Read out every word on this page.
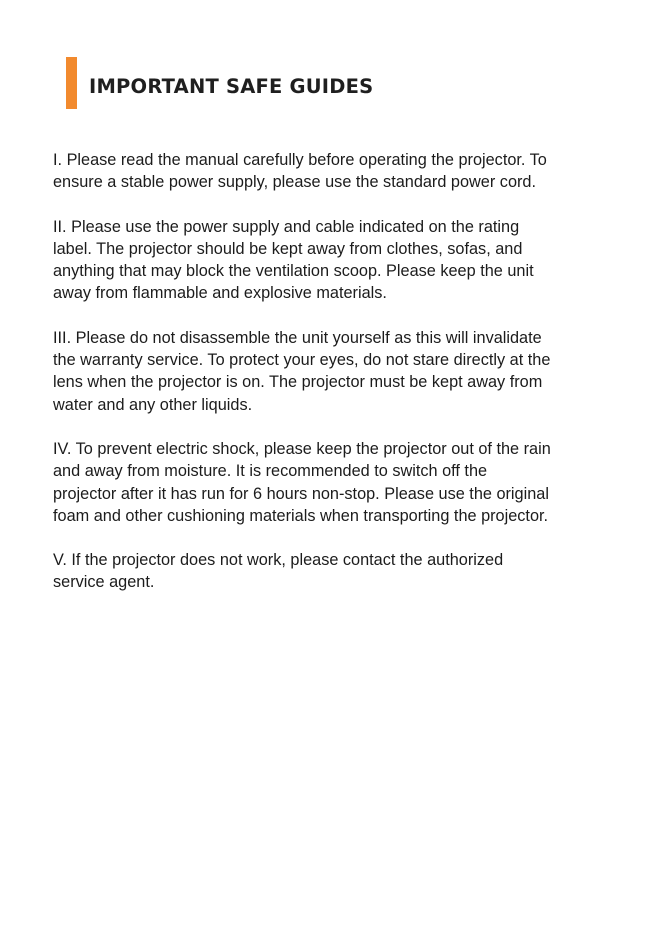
IMPORTANT SAFE GUIDES

I. Please read the manual carefully before operating the projector. To
ensure a stable power supply, please use the standard power cord.

II. Please use the power supply and cable indicated on the rating
label. The projector should be kept away from clothes, sofas, and
anything that may block the ventilation scoop. Please keep the unit
away from flammable and explosive materials.

III. Please do not disassemble the unit yourself as this will invalidate
the warranty service. To protect your eyes, do not stare directly at the
lens when the projector is on. The projector must be kept away from
water and any other liquids.

IV. To prevent electric shock, please keep the projector out of the rain
and away from moisture. It is recommended to switch off the
projector after it has run for 6 hours non-stop. Please use the original
foam and other cushioning materials when transporting the projector.

V. If the projector does not work, please contact the authorized
service agent.
